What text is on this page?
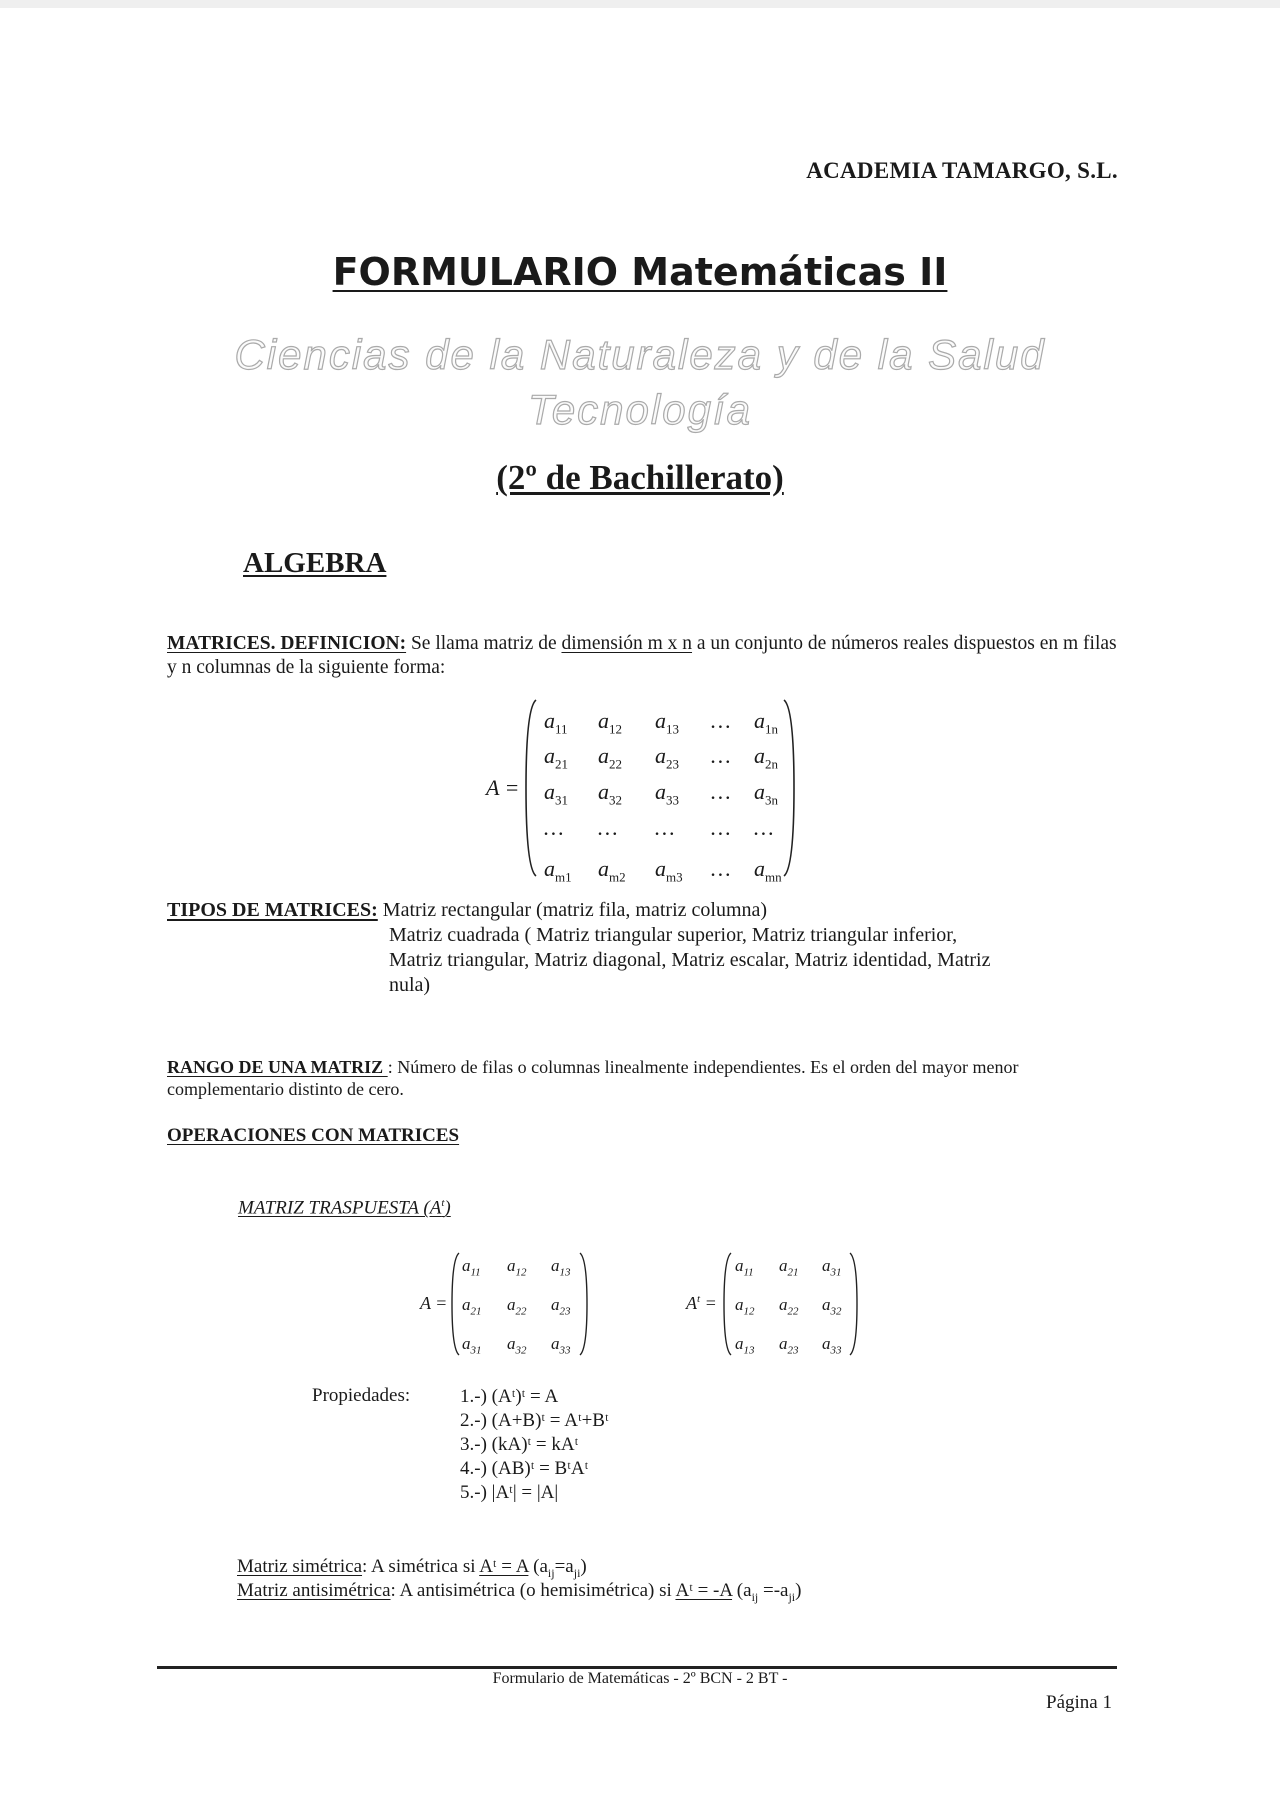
ACADEMIA TAMARGO, S.L.
FORMULARIO Matemáticas II
Ciencias de la Naturaleza y de la Salud
Tecnología
(2º de Bachillerato)
ALGEBRA
MATRICES. DEFINICION: Se llama matriz de dimensión m x n a un conjunto de números reales dispuestos en m filas y n columnas de la siguiente forma:
A =
$a_{11}$ $a_{12}$ $a_{13}$ … $a_{1n}$
$a_{21}$ $a_{22}$ $a_{23}$ … $a_{2n}$
$a_{31}$ $a_{32}$ $a_{33}$ … $a_{3n}$
… … … … …
$a_{m1}$ $a_{m2}$ $a_{m3}$ … $a_{mn}$
TIPOS DE MATRICES: Matriz rectangular (matriz fila, matriz columna)
Matriz cuadrada ( Matriz triangular superior, Matriz triangular inferior,
Matriz triangular, Matriz diagonal, Matriz escalar, Matriz identidad, Matriz
nula)
RANGO DE UNA MATRIZ : Número de filas o columnas linealmente independientes. Es el orden del mayor menor complementario distinto de cero.
OPERACIONES CON MATRICES
MATRIZ TRASPUESTA $(A^t)$
A =
$a_{11}$ $a_{12}$ $a_{13}$
$a_{21}$ $a_{22}$ $a_{23}$
$a_{31}$ $a_{32}$ $a_{33}$
$A^t$ =
$a_{11}$ $a_{21}$ $a_{31}$
$a_{12}$ $a_{22}$ $a_{32}$
$a_{13}$ $a_{23}$ $a_{33}$
Propiedades:	1.-) (Aᵗ)ᵗ = A
2.-) (A+B)ᵗ = Aᵗ+Bᵗ
3.-) (kA)ᵗ = kAᵗ
4.-) (AB)ᵗ = BᵗAᵗ
5.-) |Aᵗ| = |A|
Matriz simétrica: A simétrica si Aᵗ = A $(a_{ij}=a_{ji})$
Matriz antisimétrica: A antisimétrica (o hemisimétrica) si Aᵗ = -A $(a_{ij} =-a_{ji})$
Formulario de Matemáticas - 2º BCN - 2 BT -
Página 1
